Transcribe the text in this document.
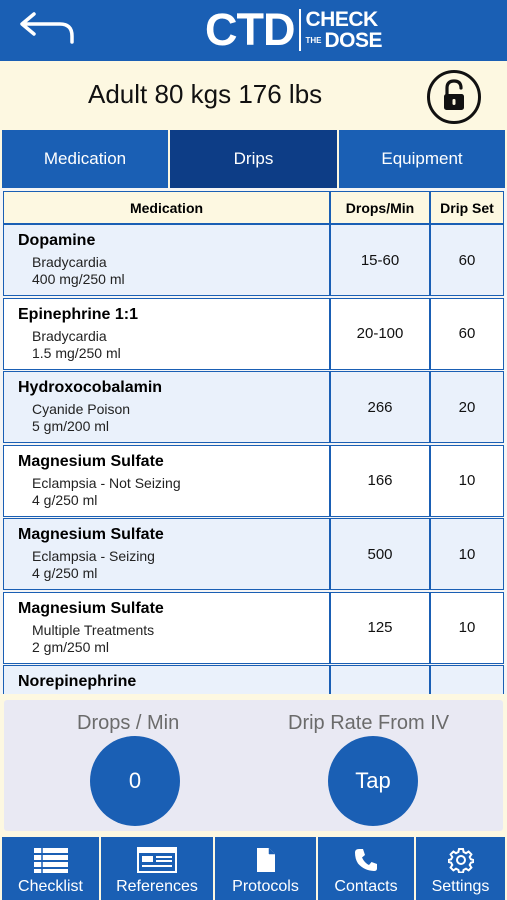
CTD CHECK
THE DOSE
Adult 80 kgs 176 lbs
Medication	Drips	Equipment
Medication	Drops/Min	Drip Set
Dopamine
Bradycardia
400 mg/250 ml
15-60	60
Epinephrine 1:1
Bradycardia
1.5 mg/250 ml
20-100	60
Hydroxocobalamin
Cyanide Poison
5 gm/200 ml
266	20
Magnesium Sulfate
Eclampsia - Not Seizing
4 g/250 ml
166	10
Magnesium Sulfate
Eclampsia - Seizing
4 g/250 ml
500	10
Magnesium Sulfate
Multiple Treatments
2 gm/250 ml
125	10
Norepinephrine
Drops / Min	Drip Rate From IV
0	Tap
Checklist	References	Protocols	Contacts	Settings
